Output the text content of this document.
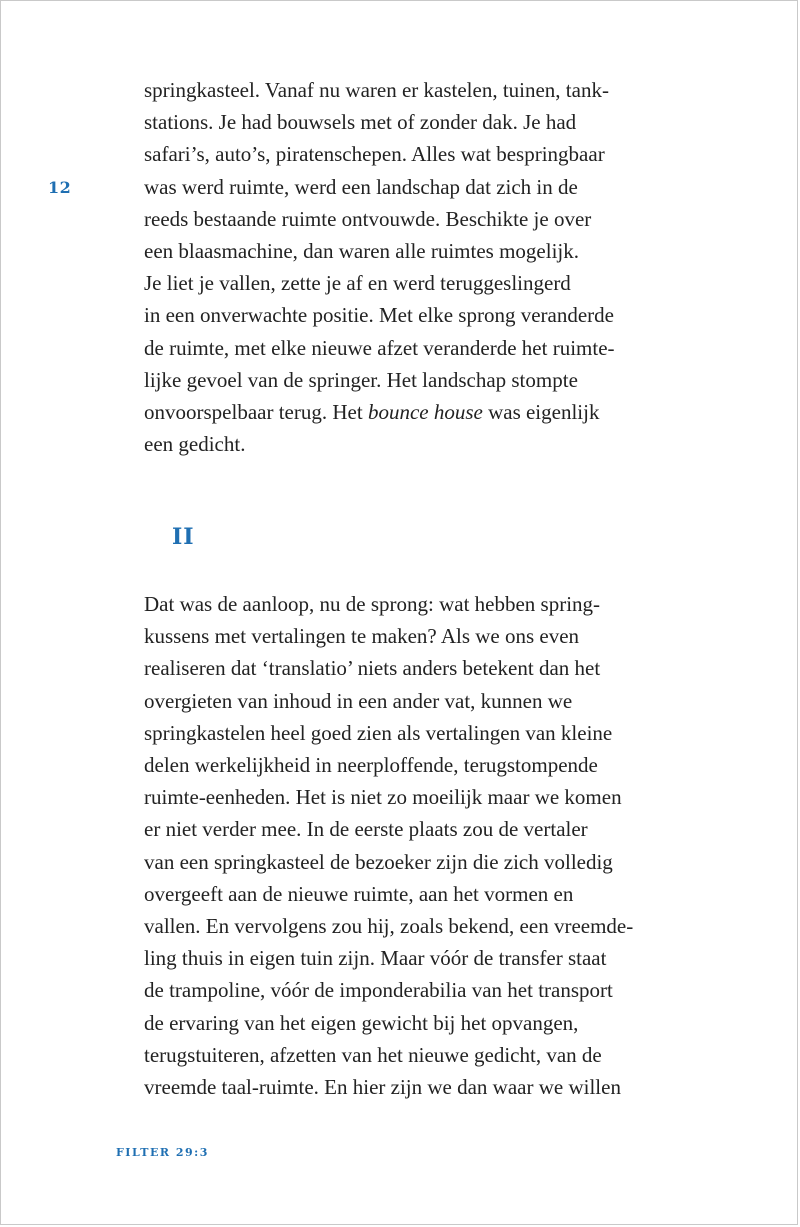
12
springkasteel. Vanaf nu waren er kastelen, tuinen, tank-
stations. Je had bouwsels met of zonder dak. Je had
safari’s, auto’s, piratenschepen. Alles wat bespringbaar
was werd ruimte, werd een landschap dat zich in de
reeds bestaande ruimte ontvouwde. Beschikte je over
een blaasmachine, dan waren alle ruimtes mogelijk.
Je liet je vallen, zette je af en werd teruggeslingerd
in een onverwachte positie. Met elke sprong veranderde
de ruimte, met elke nieuwe afzet veranderde het ruimte-
lijke gevoel van de springer. Het landschap stompte
onvoorspelbaar terug. Het bounce house was eigenlijk
een gedicht.
II
Dat was de aanloop, nu de sprong: wat hebben spring-
kussens met vertalingen te maken? Als we ons even
realiseren dat ‘translatio’ niets anders betekent dan het
overgieten van inhoud in een ander vat, kunnen we
springkastelen heel goed zien als vertalingen van kleine
delen werkelijkheid in neerploffende, terugstompende
ruimte-eenheden. Het is niet zo moeilijk maar we komen
er niet verder mee. In de eerste plaats zou de vertaler
van een springkasteel de bezoeker zijn die zich volledig
overgeeft aan de nieuwe ruimte, aan het vormen en
vallen. En vervolgens zou hij, zoals bekend, een vreemde-
ling thuis in eigen tuin zijn. Maar vóór de transfer staat
de trampoline, vóór de imponderabilia van het transport
de ervaring van het eigen gewicht bij het opvangen,
terugstuiteren, afzetten van het nieuwe gedicht, van de
vreemde taal-ruimte. En hier zijn we dan waar we willen
FILTER 29:3
